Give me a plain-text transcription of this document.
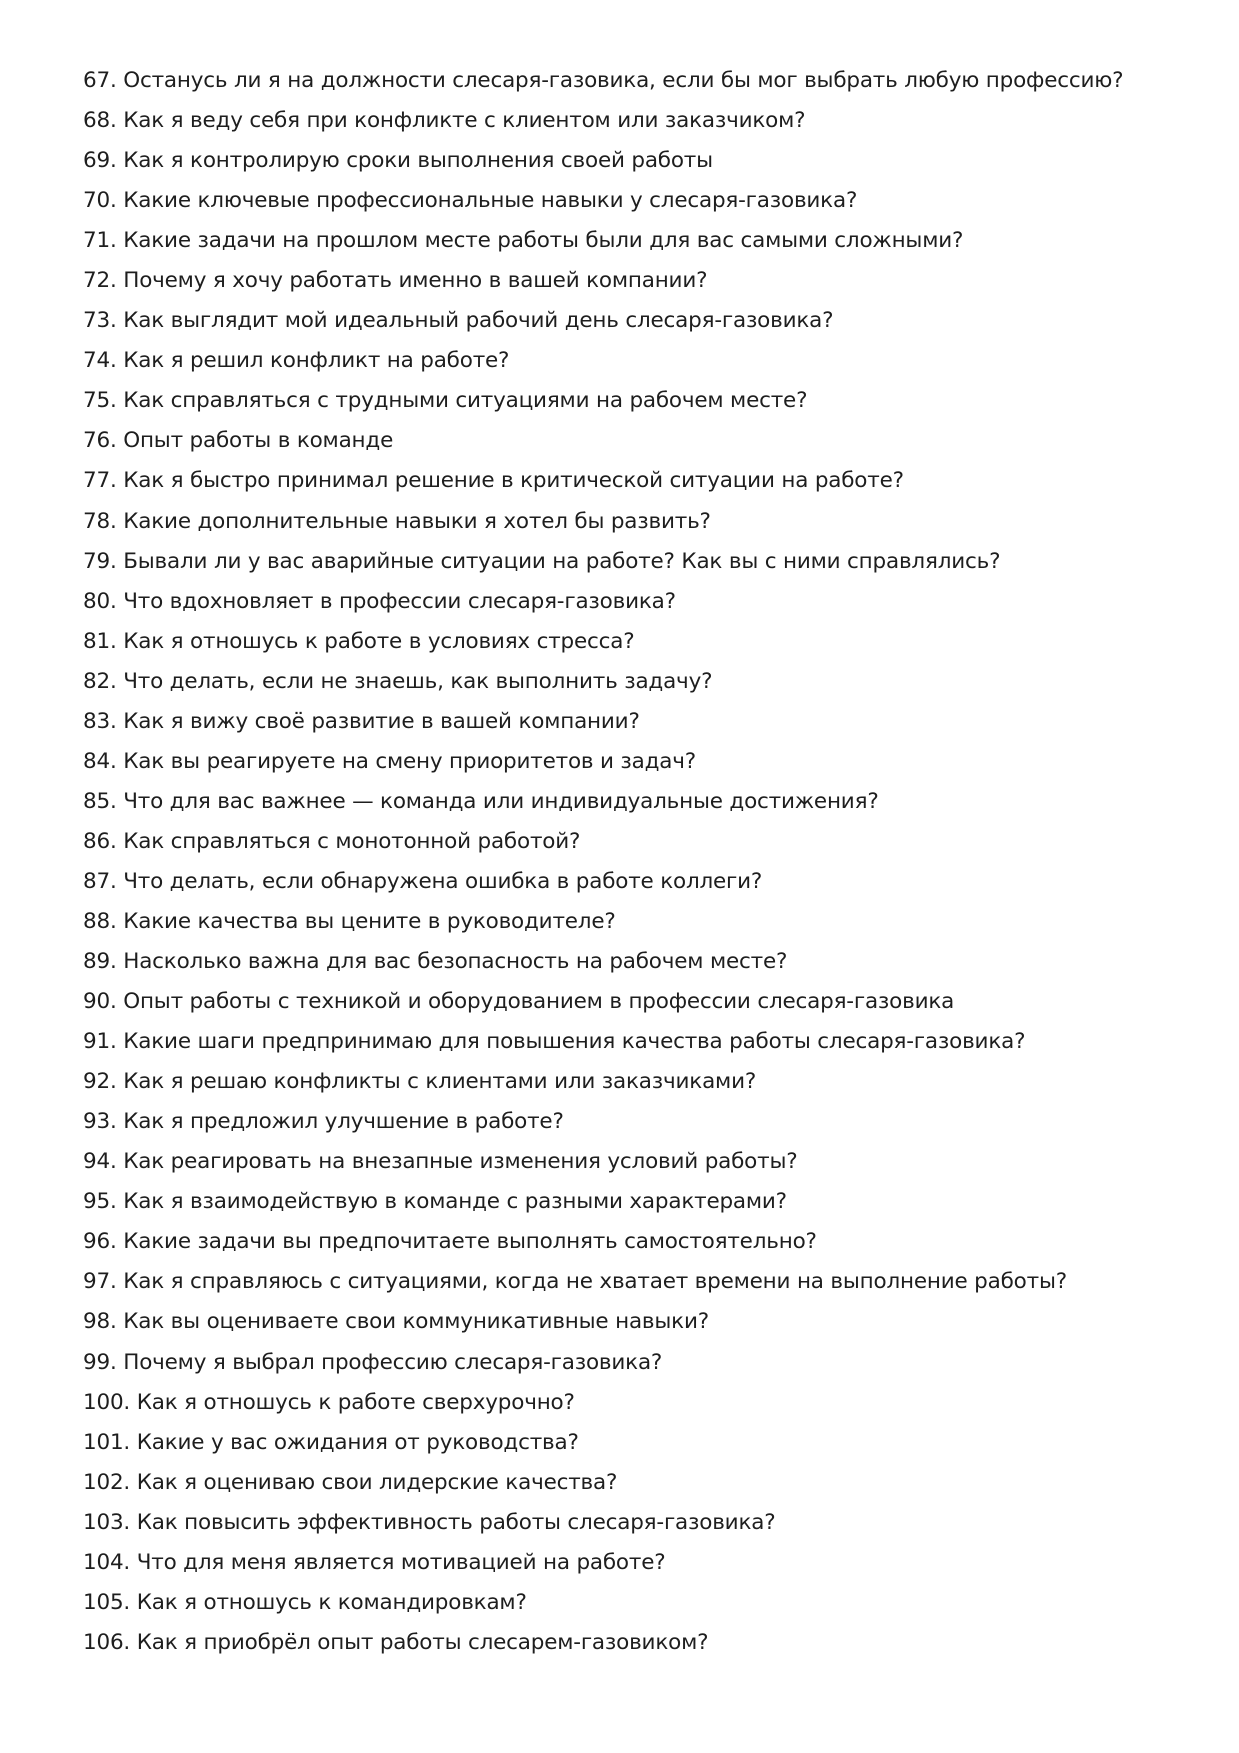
67. Останусь ли я на должности слесаря-газовика, если бы мог выбрать любую профессию?
68. Как я веду себя при конфликте с клиентом или заказчиком?
69. Как я контролирую сроки выполнения своей работы
70. Какие ключевые профессиональные навыки у слесаря-газовика?
71. Какие задачи на прошлом месте работы были для вас самыми сложными?
72. Почему я хочу работать именно в вашей компании?
73. Как выглядит мой идеальный рабочий день слесаря-газовика?
74. Как я решил конфликт на работе?
75. Как справляться с трудными ситуациями на рабочем месте?
76. Опыт работы в команде
77. Как я быстро принимал решение в критической ситуации на работе?
78. Какие дополнительные навыки я хотел бы развить?
79. Бывали ли у вас аварийные ситуации на работе? Как вы с ними справлялись?
80. Что вдохновляет в профессии слесаря-газовика?
81. Как я отношусь к работе в условиях стресса?
82. Что делать, если не знаешь, как выполнить задачу?
83. Как я вижу своё развитие в вашей компании?
84. Как вы реагируете на смену приоритетов и задач?
85. Что для вас важнее — команда или индивидуальные достижения?
86. Как справляться с монотонной работой?
87. Что делать, если обнаружена ошибка в работе коллеги?
88. Какие качества вы цените в руководителе?
89. Насколько важна для вас безопасность на рабочем месте?
90. Опыт работы с техникой и оборудованием в профессии слесаря-газовика
91. Какие шаги предпринимаю для повышения качества работы слесаря-газовика?
92. Как я решаю конфликты с клиентами или заказчиками?
93. Как я предложил улучшение в работе?
94. Как реагировать на внезапные изменения условий работы?
95. Как я взаимодействую в команде с разными характерами?
96. Какие задачи вы предпочитаете выполнять самостоятельно?
97. Как я справляюсь с ситуациями, когда не хватает времени на выполнение работы?
98. Как вы оцениваете свои коммуникативные навыки?
99. Почему я выбрал профессию слесаря-газовика?
100. Как я отношусь к работе сверхурочно?
101. Какие у вас ожидания от руководства?
102. Как я оцениваю свои лидерские качества?
103. Как повысить эффективность работы слесаря-газовика?
104. Что для меня является мотивацией на работе?
105. Как я отношусь к командировкам?
106. Как я приобрёл опыт работы слесарем-газовиком?
